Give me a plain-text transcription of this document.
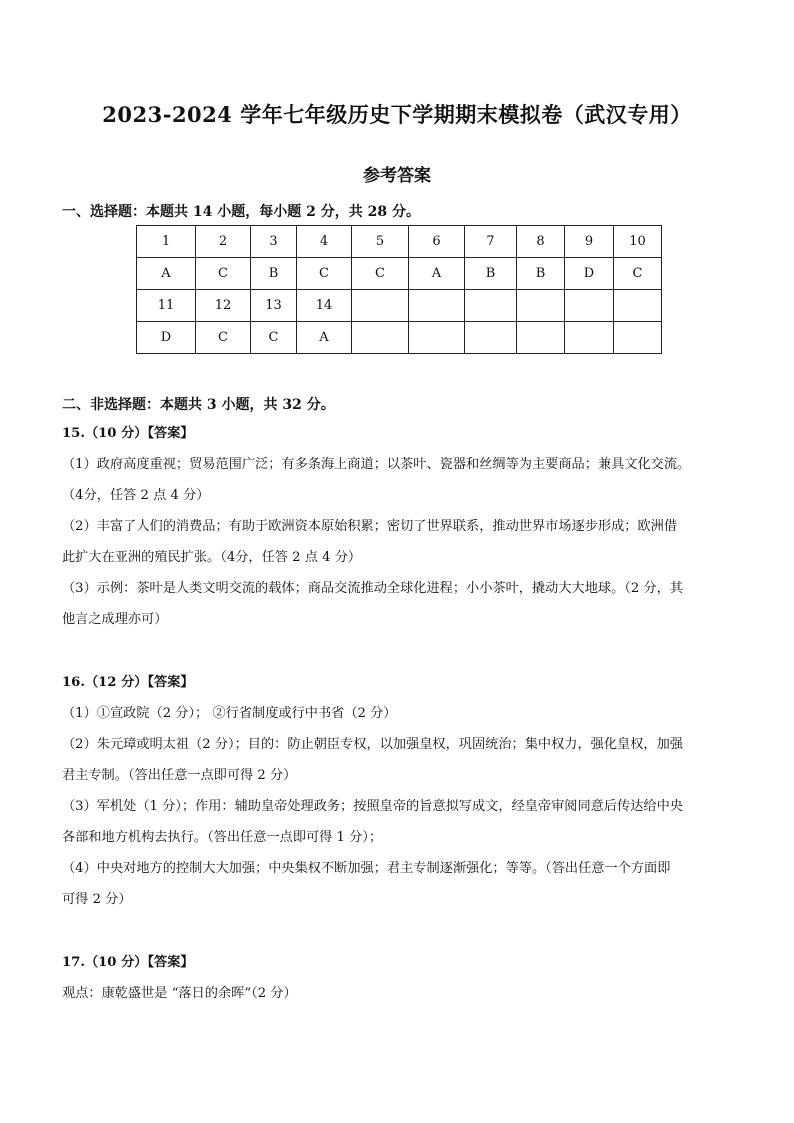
2023-2024 学年七年级历史下学期期末模拟卷（武汉专用）
参考答案
一、选择题：本题共 14 小题，每小题 2 分，共 28 分。
1	2	3	4	5	6	7	8	9	10
A	C	B	C	C	A	B	B	D	C
11	12	13	14						
D	C	C	A						
二、非选择题：本题共 3 小题，共 32 分。
15.（10 分）【答案】
（1）政府高度重视；贸易范围广泛；有多条海上商道；以茶叶、瓷器和丝绸等为主要商品；兼具文化交流。
（4分，任答 2 点 4 分）
（2）丰富了人们的消费品；有助于欧洲资本原始积累；密切了世界联系，推动世界市场逐步形成；欧洲借
此扩大在亚洲的殖民扩张。（4分，任答 2 点 4 分）
（3）示例：茶叶是人类文明交流的载体；商品交流推动全球化进程；小小茶叶，撬动大大地球。（2 分，其
他言之成理亦可）
16.（12 分）【答案】
（1）①宣政院（2 分）； ②行省制度或行中书省（2 分）
（2）朱元璋或明太祖（2 分）；目的：防止朝臣专权，以加强皇权，巩固统治；集中权力，强化皇权，加强
君主专制。（答出任意一点即可得 2 分）
（3）军机处（1 分）；作用：辅助皇帝处理政务；按照皇帝的旨意拟写成文，经皇帝审阅同意后传达给中央
各部和地方机构去执行。（答出任意一点即可得 1 分）；
（4）中央对地方的控制大大加强；中央集权不断加强；君主专制逐渐强化；等等。（答出任意一个方面即
可得 2 分）
17.（10 分）【答案】
观点：康乾盛世是 “落日的余晖”（2 分）
